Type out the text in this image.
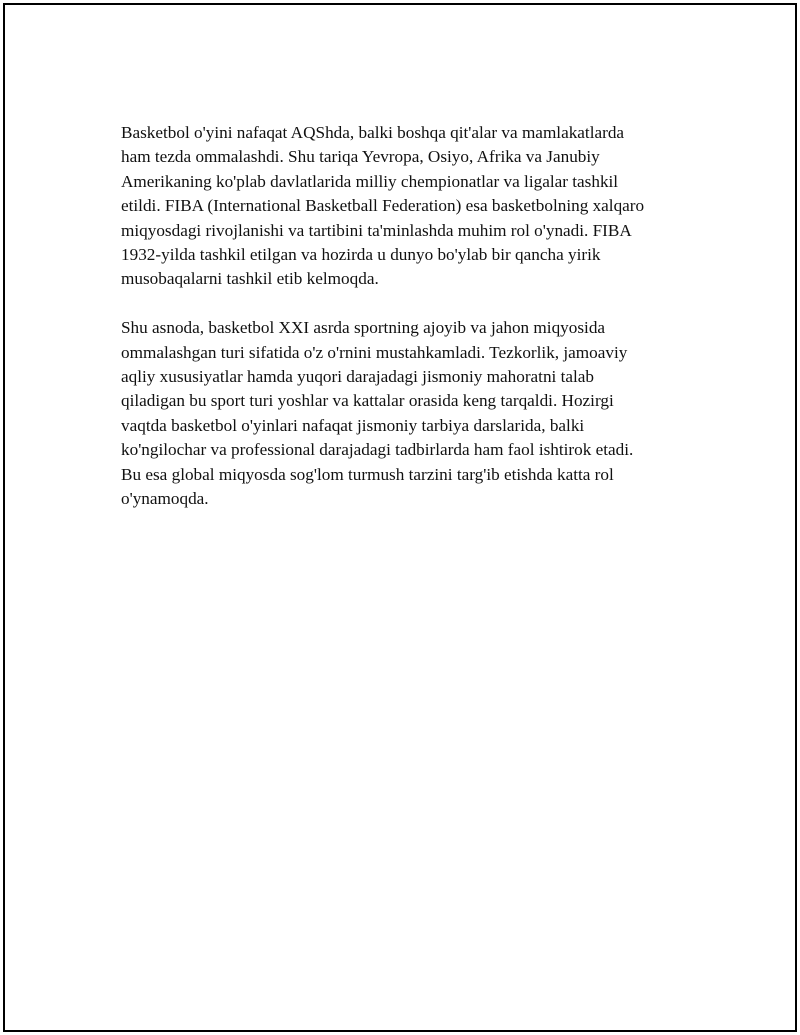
Basketbol o'yini nafaqat AQShda, balki boshqa qit'alar va mamlakatlarda
ham tezda ommalashdi. Shu tariqa Yevropa, Osiyo, Afrika va Janubiy
Amerikaning ko'plab davlatlarida milliy chempionatlar va ligalar tashkil
etildi. FIBA (International Basketball Federation) esa basketbolning xalqaro
miqyosdagi rivojlanishi va tartibini ta'minlashda muhim rol o'ynadi. FIBA
1932-yilda tashkil etilgan va hozirda u dunyo bo'ylab bir qancha yirik
musobaqalarni tashkil etib kelmoqda.

Shu asnoda, basketbol XXI asrda sportning ajoyib va jahon miqyosida
ommalashgan turi sifatida o'z o'rnini mustahkamladi. Tezkorlik, jamoaviy
aqliy xususiyatlar hamda yuqori darajadagi jismoniy mahoratni talab
qiladigan bu sport turi yoshlar va kattalar orasida keng tarqaldi. Hozirgi
vaqtda basketbol o'yinlari nafaqat jismoniy tarbiya darslarida, balki
ko'ngilochar va professional darajadagi tadbirlarda ham faol ishtirok etadi.
Bu esa global miqyosda sog'lom turmush tarzini targ'ib etishda katta rol
o'ynamoqda.
